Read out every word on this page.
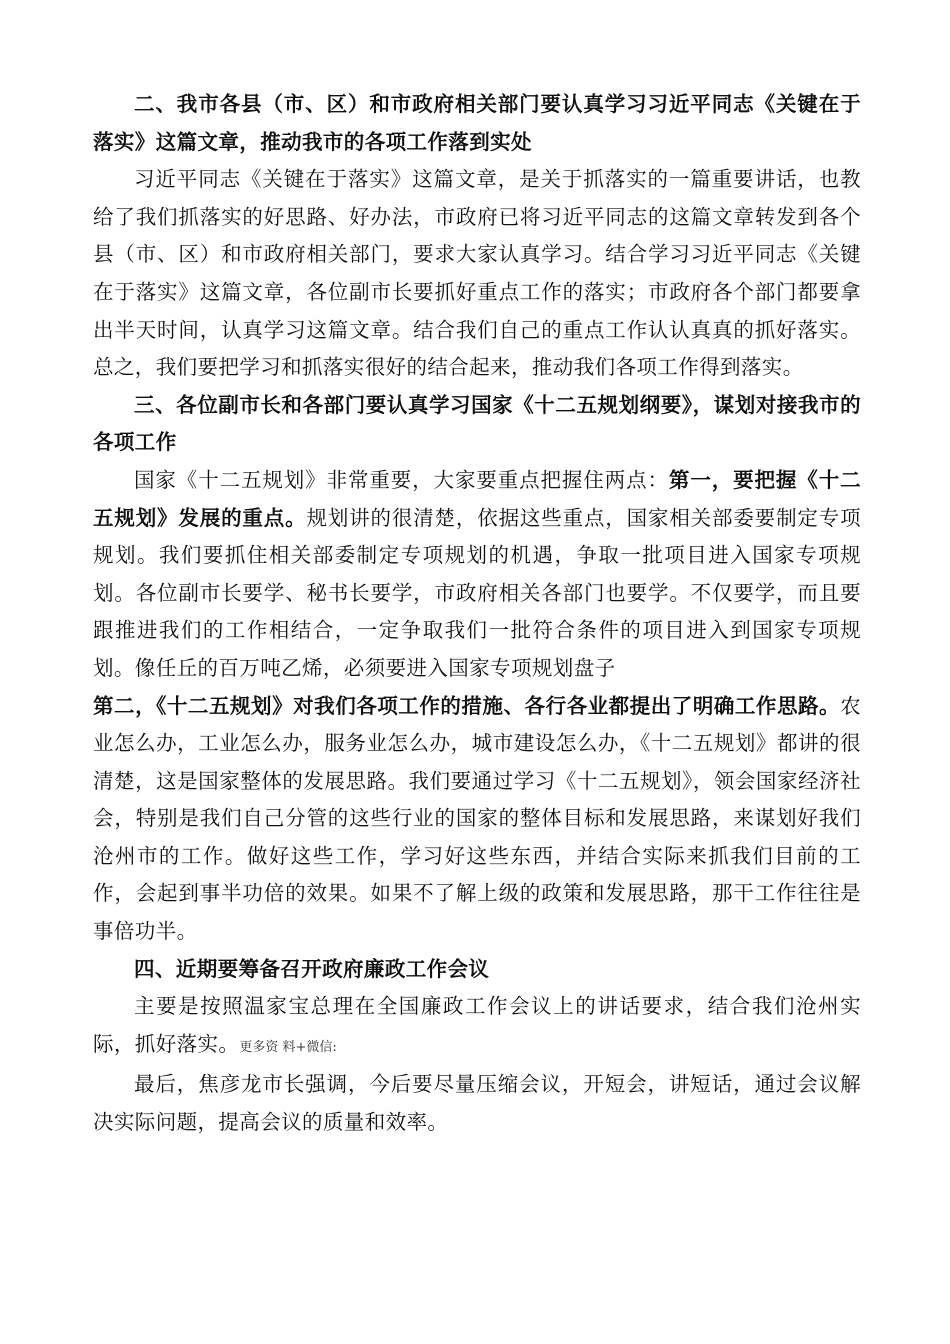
二、我市各县（市、区）和市政府相关部门要认真学习习近平同志《关键在于落实》这篇文章，推动我市的各项工作落到实处

习近平同志《关键在于落实》这篇文章，是关于抓落实的一篇重要讲话，也教给了我们抓落实的好思路、好办法，市政府已将习近平同志的这篇文章转发到各个县（市、区）和市政府相关部门，要求大家认真学习。结合学习习近平同志《关键在于落实》这篇文章，各位副市长要抓好重点工作的落实；市政府各个部门都要拿出半天时间，认真学习这篇文章。结合我们自己的重点工作认认真真的抓好落实。总之，我们要把学习和抓落实很好的结合起来，推动我们各项工作得到落实。

三、各位副市长和各部门要认真学习国家《十二五规划纲要》，谋划对接我市的各项工作

国家《十二五规划》非常重要，大家要重点把握住两点：第一，要把握《十二五规划》发展的重点。规划讲的很清楚，依据这些重点，国家相关部委要制定专项规划。我们要抓住相关部委制定专项规划的机遇，争取一批项目进入国家专项规划。各位副市长要学、秘书长要学，市政府相关各部门也要学。不仅要学，而且要跟推进我们的工作相结合，一定争取我们一批符合条件的项目进入到国家专项规划。像任丘的百万吨乙烯，必须要进入国家专项规划盘子

第二，《十二五规划》对我们各项工作的措施、各行各业都提出了明确工作思路。农业怎么办，工业怎么办，服务业怎么办，城市建设怎么办，《十二五规划》都讲的很清楚，这是国家整体的发展思路。我们要通过学习《十二五规划》，领会国家经济社会，特别是我们自己分管的这些行业的国家的整体目标和发展思路，来谋划好我们沧州市的工作。做好这些工作，学习好这些东西，并结合实际来抓我们目前的工作，会起到事半功倍的效果。如果不了解上级的政策和发展思路，那干工作往往是事倍功半。

四、近期要筹备召开政府廉政工作会议

主要是按照温家宝总理在全国廉政工作会议上的讲话要求，结合我们沧州实际，抓好落实。更多资 料+微信:

最后，焦彦龙市长强调，今后要尽量压缩会议，开短会，讲短话，通过会议解决实际问题，提高会议的质量和效率。
